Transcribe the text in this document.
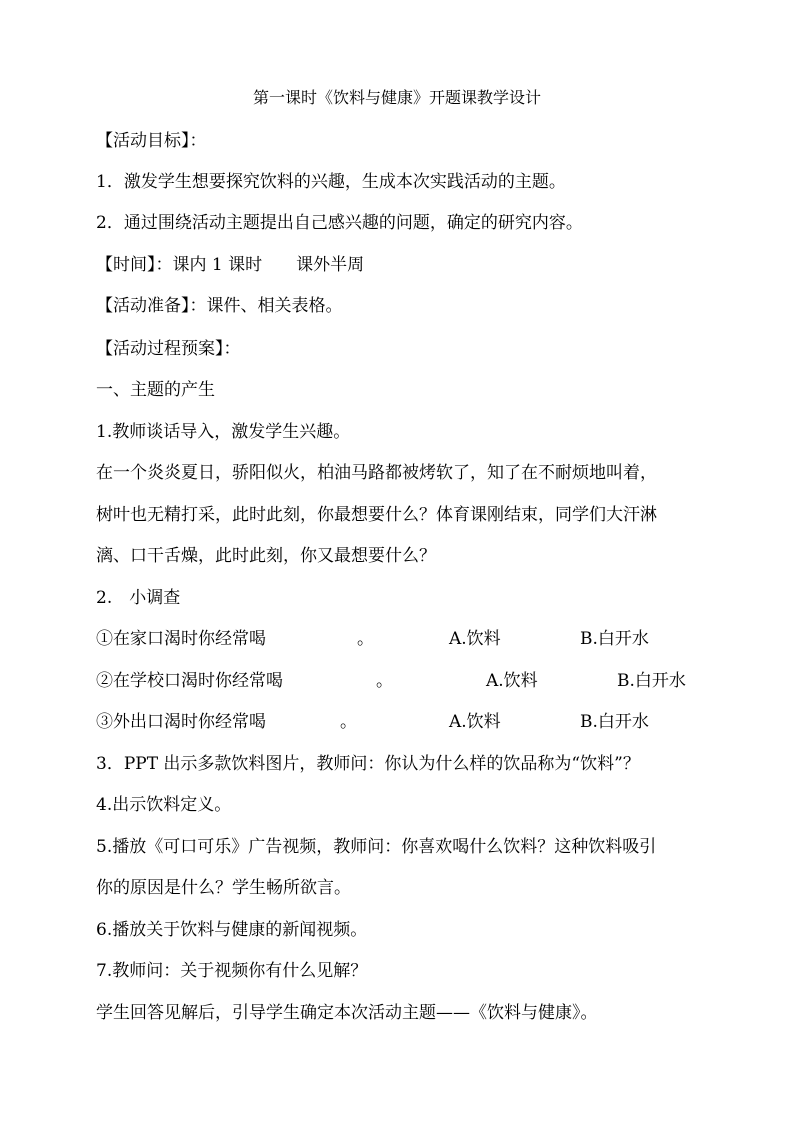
第一课时《饮料与健康》开题课教学设计
【活动目标】：
1．激发学生想要探究饮料的兴趣，生成本次实践活动的主题。
2．通过围绕活动主题提出自己感兴趣的问题，确定的研究内容。
【时间】：课内 1 课时　　课外半周
【活动准备】：课件、相关表格。
【活动过程预案】：
一、主题的产生
1.教师谈话导入，激发学生兴趣。
在一个炎炎夏日，骄阳似火，柏油马路都被烤软了，知了在不耐烦地叫着，
树叶也无精打采，此时此刻，你最想要什么？体育课刚结束，同学们大汗淋
漓、口干舌燥，此时此刻，你又最想要什么？
2.　小调查
①在家口渴时你经常喝	。	A.饮料	B.白开水
②在学校口渴时你经常喝	。	A.饮料	B.白开水
③外出口渴时你经常喝	。	A.饮料	B.白开水
3．PPT 出示多款饮料图片，教师问：你认为什么样的饮品称为“饮料”？
4.出示饮料定义。
5.播放《可口可乐》广告视频，教师问：你喜欢喝什么饮料？这种饮料吸引
你的原因是什么？学生畅所欲言。
6.播放关于饮料与健康的新闻视频。
7.教师问：关于视频你有什么见解？
学生回答见解后，引导学生确定本次活动主题——《饮料与健康》。
